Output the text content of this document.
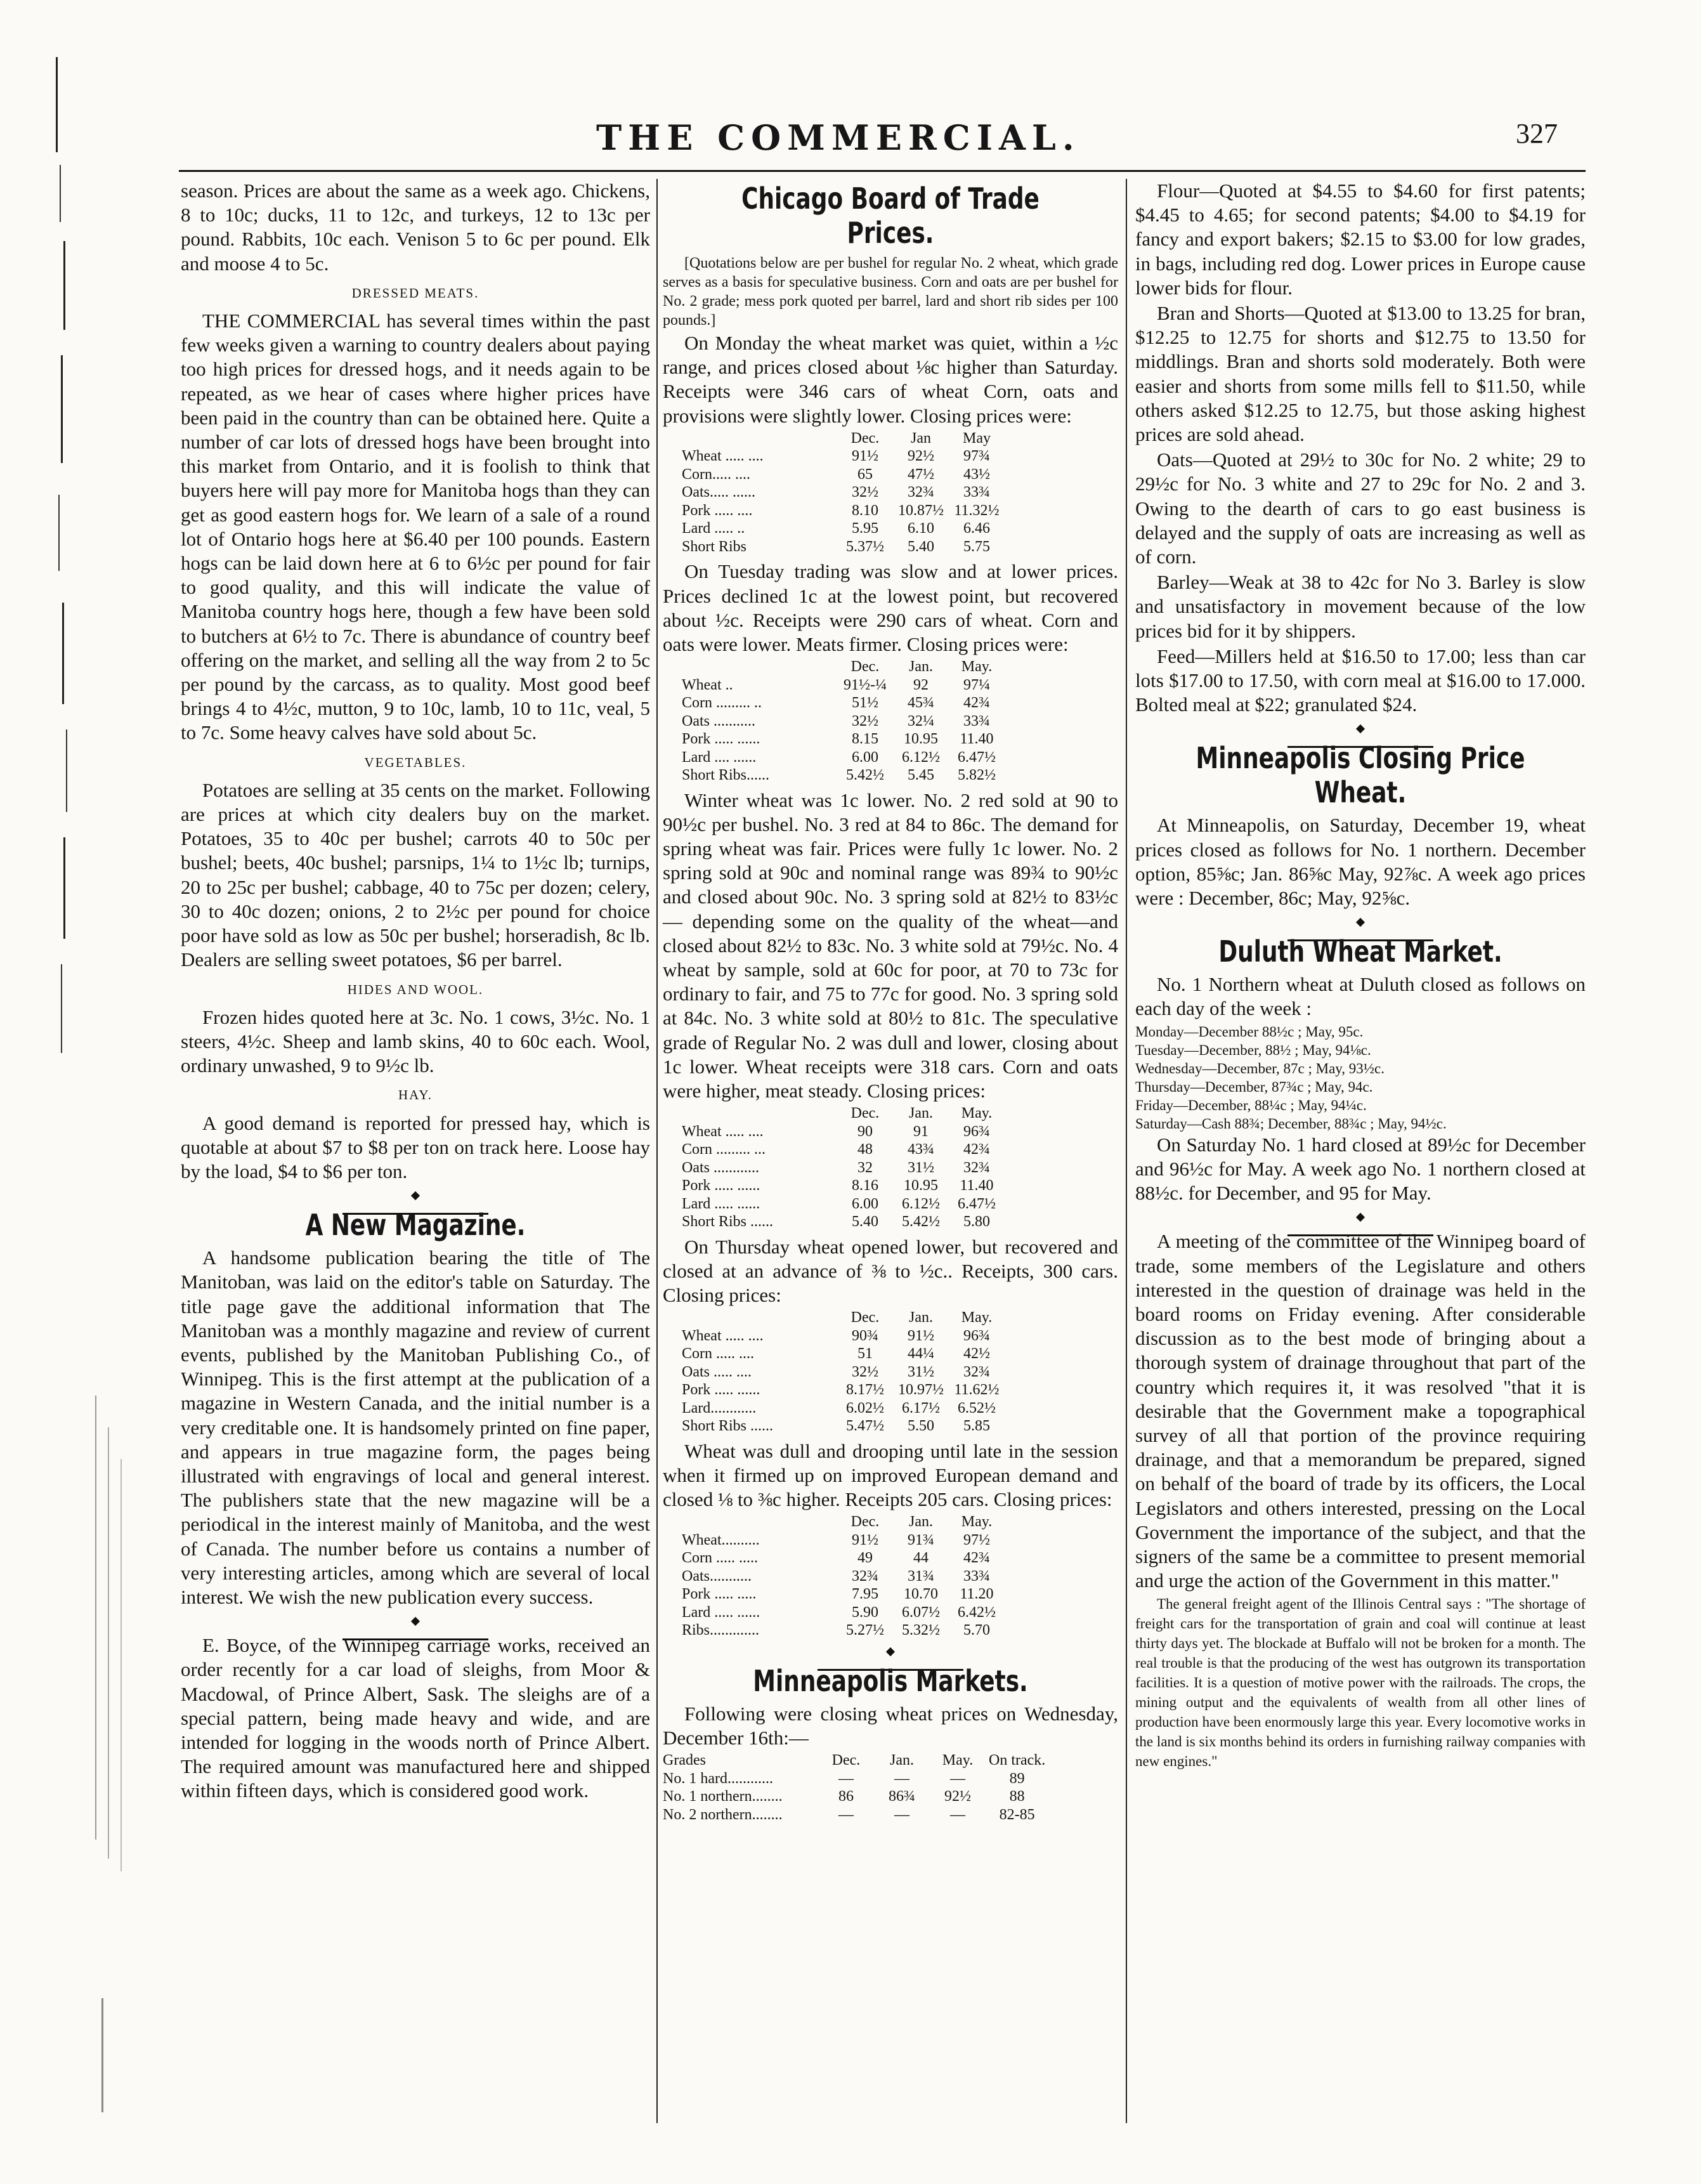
THE COMMERCIAL.	327

season. Prices are about the same as a week ago. Chickens, 8 to 10c; ducks, 11 to 12c, and turkeys, 12 to 13c per pound. Rabbits, 10c each. Venison 5 to 6c per pound. Elk and moose 4 to 5c.

DRESSED MEATS.

THE COMMERCIAL has several times within the past few weeks given a warning to country dealers about paying too high prices for dressed hogs, and it needs again to be repeated, as we hear of cases where higher prices have been paid in the country than can be obtained here. Quite a number of car lots of dressed hogs have been brought into this market from Ontario, and it is foolish to think that buyers here will pay more for Manitoba hogs than they can get as good eastern hogs for. We learn of a sale of a round lot of Ontario hogs here at $6.40 per 100 pounds. Eastern hogs can be laid down here at 6 to 6½c per pound for fair to good quality, and this will indicate the value of Manitoba country hogs here, though a few have been sold to butchers at 6½ to 7c. There is abundance of country beef offering on the market, and selling all the way from 2 to 5c per pound by the carcass, as to quality. Most good beef brings 4 to 4½c, mutton, 9 to 10c, lamb, 10 to 11c, veal, 5 to 7c. Some heavy calves have sold about 5c.

VEGETABLES.

Potatoes are selling at 35 cents on the market. Following are prices at which city dealers buy on the market. Potatoes, 35 to 40c per bushel; carrots 40 to 50c per bushel; beets, 40c bushel; parsnips, 1¼ to 1½c lb; turnips, 20 to 25c per bushel; cabbage, 40 to 75c per dozen; celery, 30 to 40c dozen; onions, 2 to 2½c per pound for choice poor have sold as low as 50c per bushel; horseradish, 8c lb. Dealers are selling sweet potatoes, $6 per barrel.

HIDES AND WOOL.

Frozen hides quoted here at 3c. No. 1 cows, 3½c. No. 1 steers, 4½c. Sheep and lamb skins, 40 to 60c each. Wool, ordinary unwashed, 9 to 9½c lb.

HAY.

A good demand is reported for pressed hay, which is quotable at about $7 to $8 per ton on track here. Loose hay by the load, $4 to $6 per ton.

A New Magazine.

A handsome publication bearing the title of The Manitoban, was laid on the editor's table on Saturday. The title page gave the additional information that The Manitoban was a monthly magazine and review of current events, published by the Manitoban Publishing Co., of Winnipeg. This is the first attempt at the publication of a magazine in Western Canada, and the initial number is a very creditable one. It is handsomely printed on fine paper, and appears in true magazine form, the pages being illustrated with engravings of local and general interest. The publishers state that the new magazine will be a periodical in the interest mainly of Manitoba, and the west of Canada. The number before us contains a number of very interesting articles, among which are several of local interest. We wish the new publication every success.

E. Boyce, of the Winnipeg carriage works, received an order recently for a car load of sleighs, from Moor & Macdowal, of Prince Albert, Sask. The sleighs are of a special pattern, being made heavy and wide, and are intended for logging in the woods north of Prince Albert. The required amount was manufactured here and shipped within fifteen days, which is considered good work.

Chicago Board of Trade Prices.

[Quotations below are per bushel for regular No. 2 wheat, which grade serves as a basis for speculative business. Corn and oats are per bushel for No. 2 grade; mess pork quoted per barrel, lard and short rib sides per 100 pounds.]

On Monday the wheat market was quiet, within a ½c range, and prices closed about ⅛c higher than Saturday. Receipts were 346 cars of wheat Corn, oats and provisions were slightly lower. Closing prices were:

	Dec.	Jan	May
Wheat ..... ....	91½	92½	97¾
Corn..... ....	65	47½	43½
Oats..... ......	32½	32¾	33¾
Pork ..... ....	8.10	10.87½	11.32½
Lard ..... ..	5.95	6.10	6.46
Short Ribs	5.37½	5.40	5.75

On Tuesday trading was slow and at lower prices. Prices declined 1c at the lowest point, but recovered about ½c. Receipts were 290 cars of wheat. Corn and oats were lower. Meats firmer. Closing prices were:

	Dec.	Jan.	May.
Wheat ..	91½-¼	92	97¼
Corn ......... ..	51½	45¾	42¾
Oats ...........	32½	32¼	33¾
Pork ..... ......	8.15	10.95	11.40
Lard .... ......	6.00	6.12½	6.47½
Short Ribs......	5.42½	5.45	5.82½

Winter wheat was 1c lower. No. 2 red sold at 90 to 90½c per bushel. No. 3 red at 84 to 86c. The demand for spring wheat was fair. Prices were fully 1c lower. No. 2 spring sold at 90c and nominal range was 89¾ to 90½c and closed about 90c. No. 3 spring sold at 82½ to 83½c— depending some on the quality of the wheat—and closed about 82½ to 83c. No. 3 white sold at 79½c. No. 4 wheat by sample, sold at 60c for poor, at 70 to 73c for ordinary to fair, and 75 to 77c for good. No. 3 spring sold at 84c. No. 3 white sold at 80½ to 81c. The speculative grade of Regular No. 2 was dull and lower, closing about 1c lower. Wheat receipts were 318 cars. Corn and oats were higher, meat steady. Closing prices:

	Dec.	Jan.	May.
Wheat ..... ....	90	91	96¾
Corn ......... ...	48	43¾	42¾
Oats ............	32	31½	32¾
Pork ..... ......	8.16	10.95	11.40
Lard ..... ......	6.00	6.12½	6.47½
Short Ribs ......	5.40	5.42½	5.80

On Thursday wheat opened lower, but recovered and closed at an advance of ⅜ to ½c.. Receipts, 300 cars. Closing prices:

	Dec.	Jan.	May.
Wheat ..... ....	90¾	91½	96¾
Corn ..... ....	51	44¼	42½
Oats ..... ....	32½	31½	32¾
Pork ..... ......	8.17½	10.97½	11.62½
Lard............	6.02½	6.17½	6.52½
Short Ribs ......	5.47½	5.50	5.85

Wheat was dull and drooping until late in the session when it firmed up on improved European demand and closed ⅛ to ⅜c higher. Receipts 205 cars. Closing prices:

	Dec.	Jan.	May.
Wheat..........	91½	91¾	97½
Corn ..... .....	49	44	42¾
Oats...........	32¾	31¾	33¾
Pork ..... .....	7.95	10.70	11.20
Lard ..... ......	5.90	6.07½	6.42½
Ribs.............	5.27½	5.32½	5.70
Minneapolis Markets.

Following were closing wheat prices on Wednesday, December 16th:—

Grades	Dec.	Jan.	May.	On track.
No. 1 hard............	—	—	—	89
No. 1 northern........	86	86¾	92½	88
No. 2 northern........	—	—	—	82-85

Flour—Quoted at $4.55 to $4.60 for first patents; $4.45 to 4.65; for second patents; $4.00 to $4.19 for fancy and export bakers; $2.15 to $3.00 for low grades, in bags, including red dog. Lower prices in Europe cause lower bids for flour.

Bran and Shorts—Quoted at $13.00 to 13.25 for bran, $12.25 to 12.75 for shorts and $12.75 to 13.50 for middlings. Bran and shorts sold moderately. Both were easier and shorts from some mills fell to $11.50, while others asked $12.25 to 12.75, but those asking highest prices are sold ahead.

Oats—Quoted at 29½ to 30c for No. 2 white; 29 to 29½c for No. 3 white and 27 to 29c for No. 2 and 3. Owing to the dearth of cars to go east business is delayed and the supply of oats are increasing as well as of corn.

Barley—Weak at 38 to 42c for No 3. Barley is slow and unsatisfactory in movement because of the low prices bid for it by shippers.

Feed—Millers held at $16.50 to 17.00; less than car lots $17.00 to 17.50, with corn meal at $16.00 to 17.000. Bolted meal at $22; granulated $24.

Minneapolis Closing Price Wheat.

At Minneapolis, on Saturday, December 19, wheat prices closed as follows for No. 1 northern. December option, 85⅝c; Jan. 86⅝c May, 92⅞c. A week ago prices were : December, 86c; May, 92⅝c.

Duluth Wheat Market.

No. 1 Northern wheat at Duluth closed as follows on each day of the week :

Monday—December 88½c ; May, 95c.
Tuesday—December, 88½ ; May, 94⅛c.
Wednesday—December, 87c ; May, 93½c.
Thursday—December, 87¾c ; May, 94c.
Friday—December, 88¼c ; May, 94¼c.
Saturday—Cash 88¾; December, 88¾c ; May, 94½c.

On Saturday No. 1 hard closed at 89½c for December and 96½c for May. A week ago No. 1 northern closed at 88½c. for December, and 95 for May.

A meeting of the committee of the Winnipeg board of trade, some members of the Legislature and others interested in the question of drainage was held in the board rooms on Friday evening. After considerable discussion as to the best mode of bringing about a thorough system of drainage throughout that part of the country which requires it, it was resolved "that it is desirable that the Government make a topographical survey of all that portion of the province requiring drainage, and that a memorandum be prepared, signed on behalf of the board of trade by its officers, the Local Legislators and others interested, pressing on the Local Government the importance of the subject, and that the signers of the same be a committee to present memorial and urge the action of the Government in this matter."

The general freight agent of the Illinois Central says : "The shortage of freight cars for the transportation of grain and coal will continue at least thirty days yet. The blockade at Buffalo will not be broken for a month. The real trouble is that the producing of the west has outgrown its transportation facilities. It is a question of motive power with the railroads. The crops, the mining output and the equivalents of wealth from all other lines of production have been enormously large this year. Every locomotive works in the land is six months behind its orders in furnishing railway companies with new engines."
